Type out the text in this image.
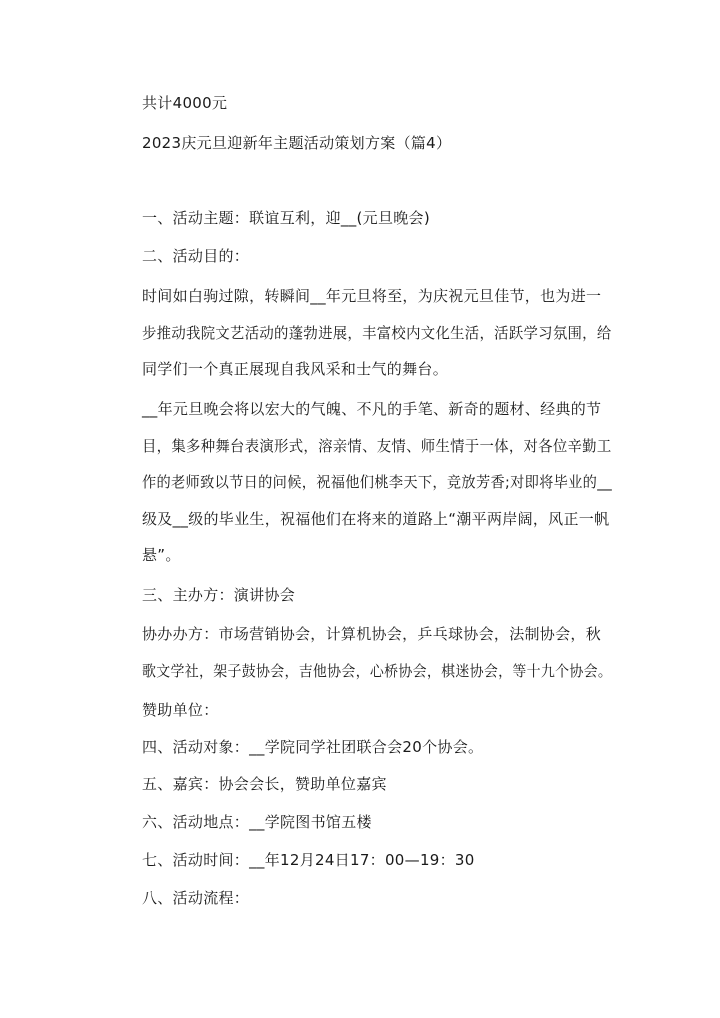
共计4000元
2023庆元旦迎新年主题活动策划方案（篇4）
一、活动主题：联谊互利，迎__(元旦晚会)
二、活动目的：
时间如白驹过隙，转瞬间__年元旦将至，为庆祝元旦佳节，也为进一
步推动我院文艺活动的蓬勃进展，丰富校内文化生活，活跃学习氛围，给
同学们一个真正展现自我风采和士气的舞台。
__年元旦晚会将以宏大的气魄、不凡的手笔、新奇的题材、经典的节
目，集多种舞台表演形式，溶亲情、友情、师生情于一体，对各位辛勤工
作的老师致以节日的问候，祝福他们桃李天下，竞放芳香;对即将毕业的__
级及__级的毕业生，祝福他们在将来的道路上“潮平两岸阔，风正一帆
悬”。
三、主办方：演讲协会
协办办方：市场营销协会，计算机协会，乒乓球协会，法制协会，秋
歌文学社，架子鼓协会，吉他协会，心桥协会，棋迷协会，等十九个协会。
赞助单位：
四、活动对象：__学院同学社团联合会20个协会。
五、嘉宾：协会会长，赞助单位嘉宾
六、活动地点：__学院图书馆五楼
七、活动时间：__年12月24日17：00—19：30
八、活动流程：
